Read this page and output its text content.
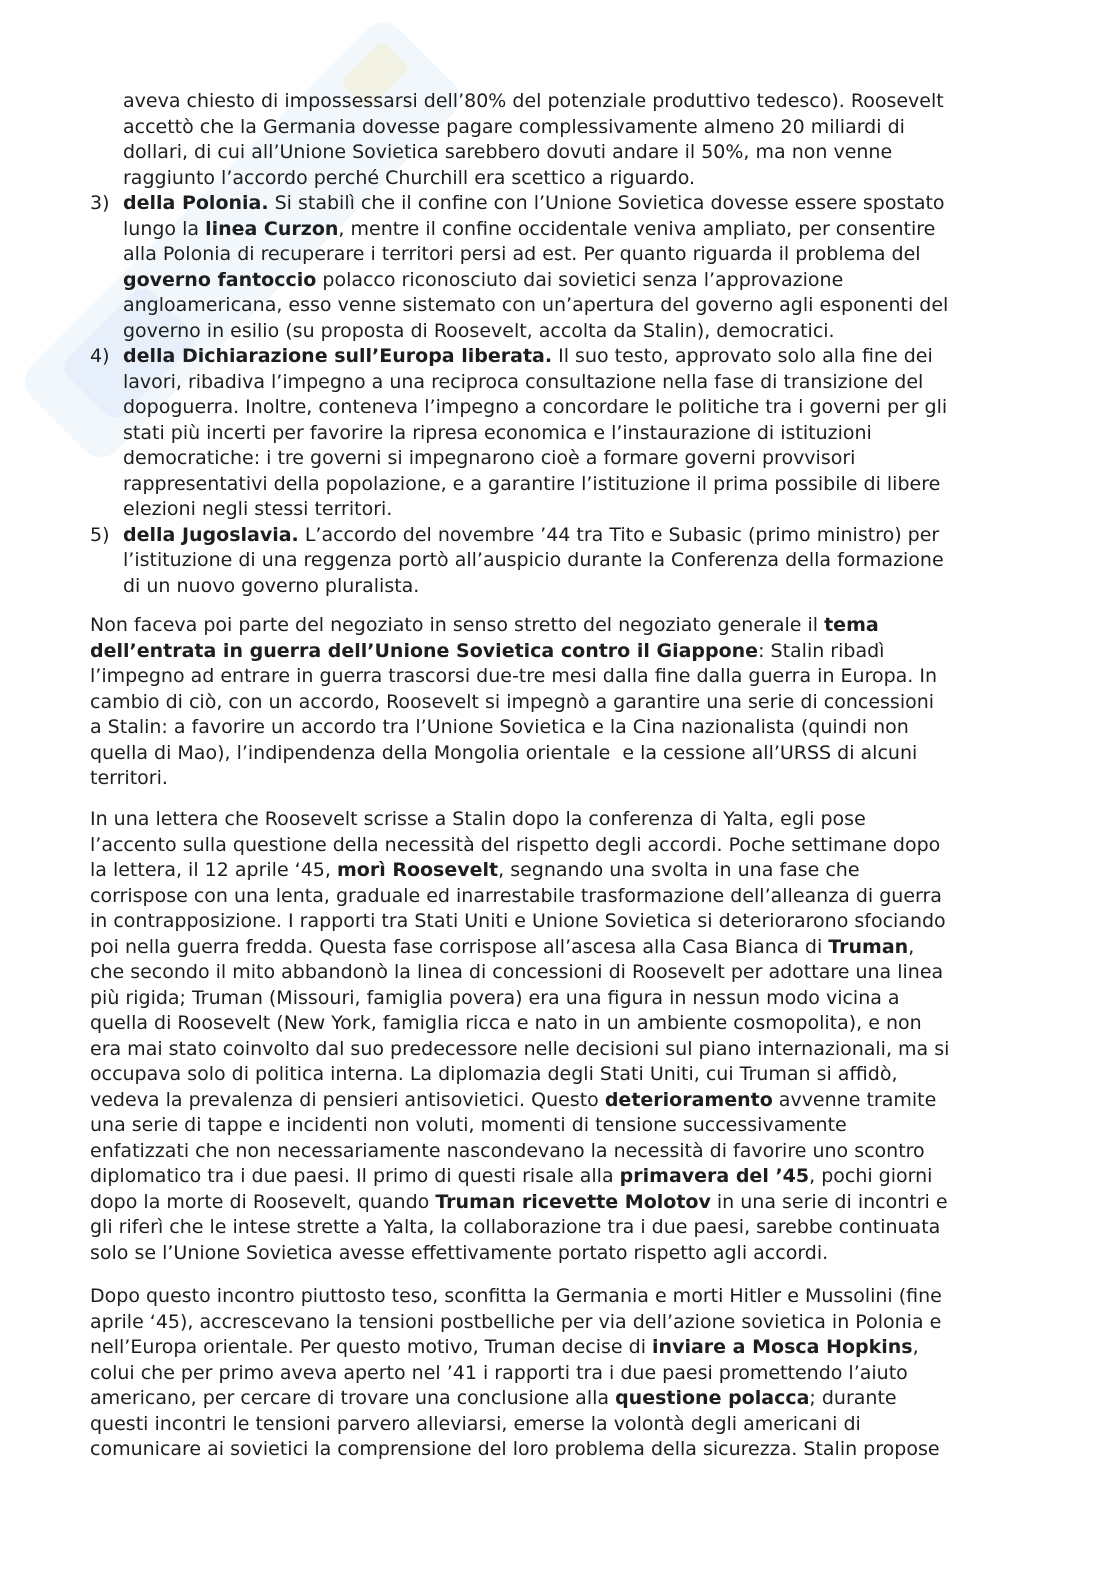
aveva chiesto di impossessarsi dell’80% del potenziale produttivo tedesco). Roosevelt
accettò che la Germania dovesse pagare complessivamente almeno 20 miliardi di
dollari, di cui all’Unione Sovietica sarebbero dovuti andare il 50%, ma non venne
raggiunto l’accordo perché Churchill era scettico a riguardo.
3) della Polonia. Si stabilì che il confine con l’Unione Sovietica dovesse essere spostato
lungo la linea Curzon, mentre il confine occidentale veniva ampliato, per consentire
alla Polonia di recuperare i territori persi ad est. Per quanto riguarda il problema del
governo fantoccio polacco riconosciuto dai sovietici senza l’approvazione
angloamericana, esso venne sistemato con un’apertura del governo agli esponenti del
governo in esilio (su proposta di Roosevelt, accolta da Stalin), democratici.
4) della Dichiarazione sull’Europa liberata. Il suo testo, approvato solo alla fine dei
lavori, ribadiva l’impegno a una reciproca consultazione nella fase di transizione del
dopoguerra. Inoltre, conteneva l’impegno a concordare le politiche tra i governi per gli
stati più incerti per favorire la ripresa economica e l’instaurazione di istituzioni
democratiche: i tre governi si impegnarono cioè a formare governi provvisori
rappresentativi della popolazione, e a garantire l’istituzione il prima possibile di libere
elezioni negli stessi territori.
5) della Jugoslavia. L’accordo del novembre ’44 tra Tito e Subasic (primo ministro) per
l’istituzione di una reggenza portò all’auspicio durante la Conferenza della formazione
di un nuovo governo pluralista.
Non faceva poi parte del negoziato in senso stretto del negoziato generale il tema
dell’entrata in guerra dell’Unione Sovietica contro il Giappone: Stalin ribadì
l’impegno ad entrare in guerra trascorsi due-tre mesi dalla fine dalla guerra in Europa. In
cambio di ciò, con un accordo, Roosevelt si impegnò a garantire una serie di concessioni
a Stalin: a favorire un accordo tra l’Unione Sovietica e la Cina nazionalista (quindi non
quella di Mao), l’indipendenza della Mongolia orientale  e la cessione all’URSS di alcuni
territori.
In una lettera che Roosevelt scrisse a Stalin dopo la conferenza di Yalta, egli pose
l’accento sulla questione della necessità del rispetto degli accordi. Poche settimane dopo
la lettera, il 12 aprile ‘45, morì Roosevelt, segnando una svolta in una fase che
corrispose con una lenta, graduale ed inarrestabile trasformazione dell’alleanza di guerra
in contrapposizione. I rapporti tra Stati Uniti e Unione Sovietica si deteriorarono sfociando
poi nella guerra fredda. Questa fase corrispose all’ascesa alla Casa Bianca di Truman,
che secondo il mito abbandonò la linea di concessioni di Roosevelt per adottare una linea
più rigida; Truman (Missouri, famiglia povera) era una figura in nessun modo vicina a
quella di Roosevelt (New York, famiglia ricca e nato in un ambiente cosmopolita), e non
era mai stato coinvolto dal suo predecessore nelle decisioni sul piano internazionali, ma si
occupava solo di politica interna. La diplomazia degli Stati Uniti, cui Truman si affidò,
vedeva la prevalenza di pensieri antisovietici. Questo deterioramento avvenne tramite
una serie di tappe e incidenti non voluti, momenti di tensione successivamente
enfatizzati che non necessariamente nascondevano la necessità di favorire uno scontro
diplomatico tra i due paesi. Il primo di questi risale alla primavera del ’45, pochi giorni
dopo la morte di Roosevelt, quando Truman ricevette Molotov in una serie di incontri e
gli riferì che le intese strette a Yalta, la collaborazione tra i due paesi, sarebbe continuata
solo se l’Unione Sovietica avesse effettivamente portato rispetto agli accordi.
Dopo questo incontro piuttosto teso, sconfitta la Germania e morti Hitler e Mussolini (fine
aprile ‘45), accrescevano la tensioni postbelliche per via dell’azione sovietica in Polonia e
nell’Europa orientale. Per questo motivo, Truman decise di inviare a Mosca Hopkins,
colui che per primo aveva aperto nel ’41 i rapporti tra i due paesi promettendo l’aiuto
americano, per cercare di trovare una conclusione alla questione polacca; durante
questi incontri le tensioni parvero alleviarsi, emerse la volontà degli americani di
comunicare ai sovietici la comprensione del loro problema della sicurezza. Stalin propose
